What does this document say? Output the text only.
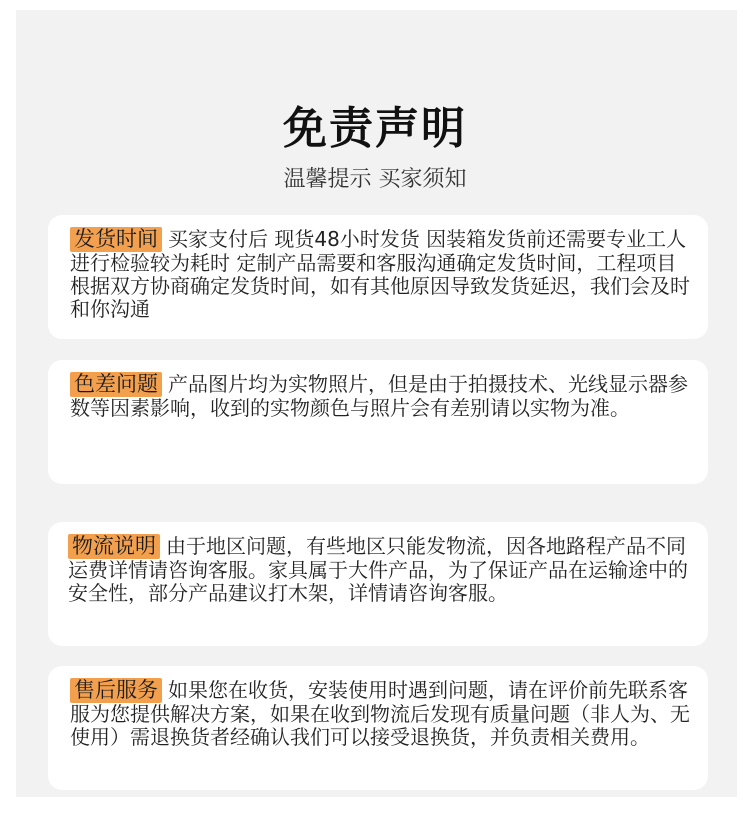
免责声明
温馨提示 买家须知
发货时间 买家支付后 现货48小时发货 因装箱发货前还需要专业工人进行检验较为耗时 定制产品需要和客服沟通确定发货时间，工程项目根据双方协商确定发货时间，如有其他原因导致发货延迟，我们会及时和你沟通
色差问题 产品图片均为实物照片，但是由于拍摄技术、光线显示器参数等因素影响，收到的实物颜色与照片会有差别请以实物为准。
物流说明 由于地区问题，有些地区只能发物流，因各地路程产品不同运费详情请咨询客服。家具属于大件产品，为了保证产品在运输途中的安全性，部分产品建议打木架，详情请咨询客服。
售后服务 如果您在收货，安装使用时遇到问题，请在评价前先联系客服为您提供解决方案，如果在收到物流后发现有质量问题（非人为、无使用）需退换货者经确认我们可以接受退换货，并负责相关费用。
